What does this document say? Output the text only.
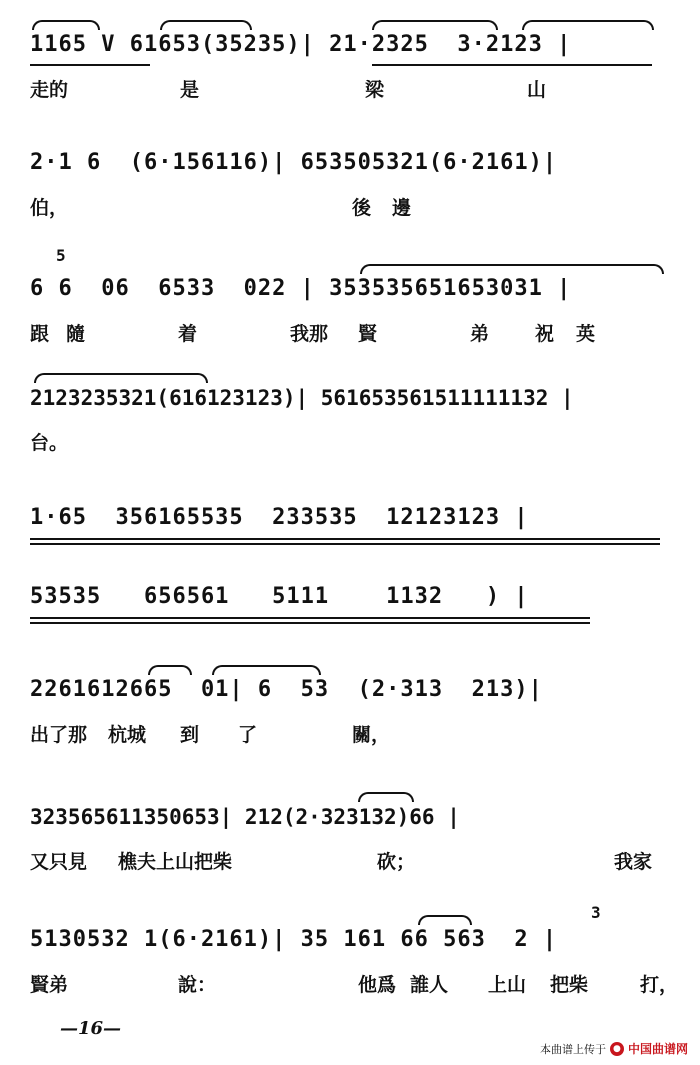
1165 V 61653(35235)| 21·2325  3·2123 |
走的	是	梁	山
2·1 6  (6·156116)| 653505321(6·2161)|
伯，	後 邊
5
6 6  06  6533  022 | 353535651653031 |
跟 隨	着	我那 賢	弟 祝 英
2123235321(616123123)| 561653561511111132 |
台。
1·65  356165535  233535  12123123 |
53535   656561   5111    1132   ) |
2261612665  01| 6  53  (2·313  213)|
出了那 杭城 到 了	關，
323565611350653| 212(2·323132)66 |
又只見 樵夫上山把柴	砍；	我家
3
5130532 1(6·2161)| 35 161 66 563  2 |
賢弟	說：	他爲 誰人 上山 把柴	打，
—16—
本曲谱上传于 ● 中国曲谱网
